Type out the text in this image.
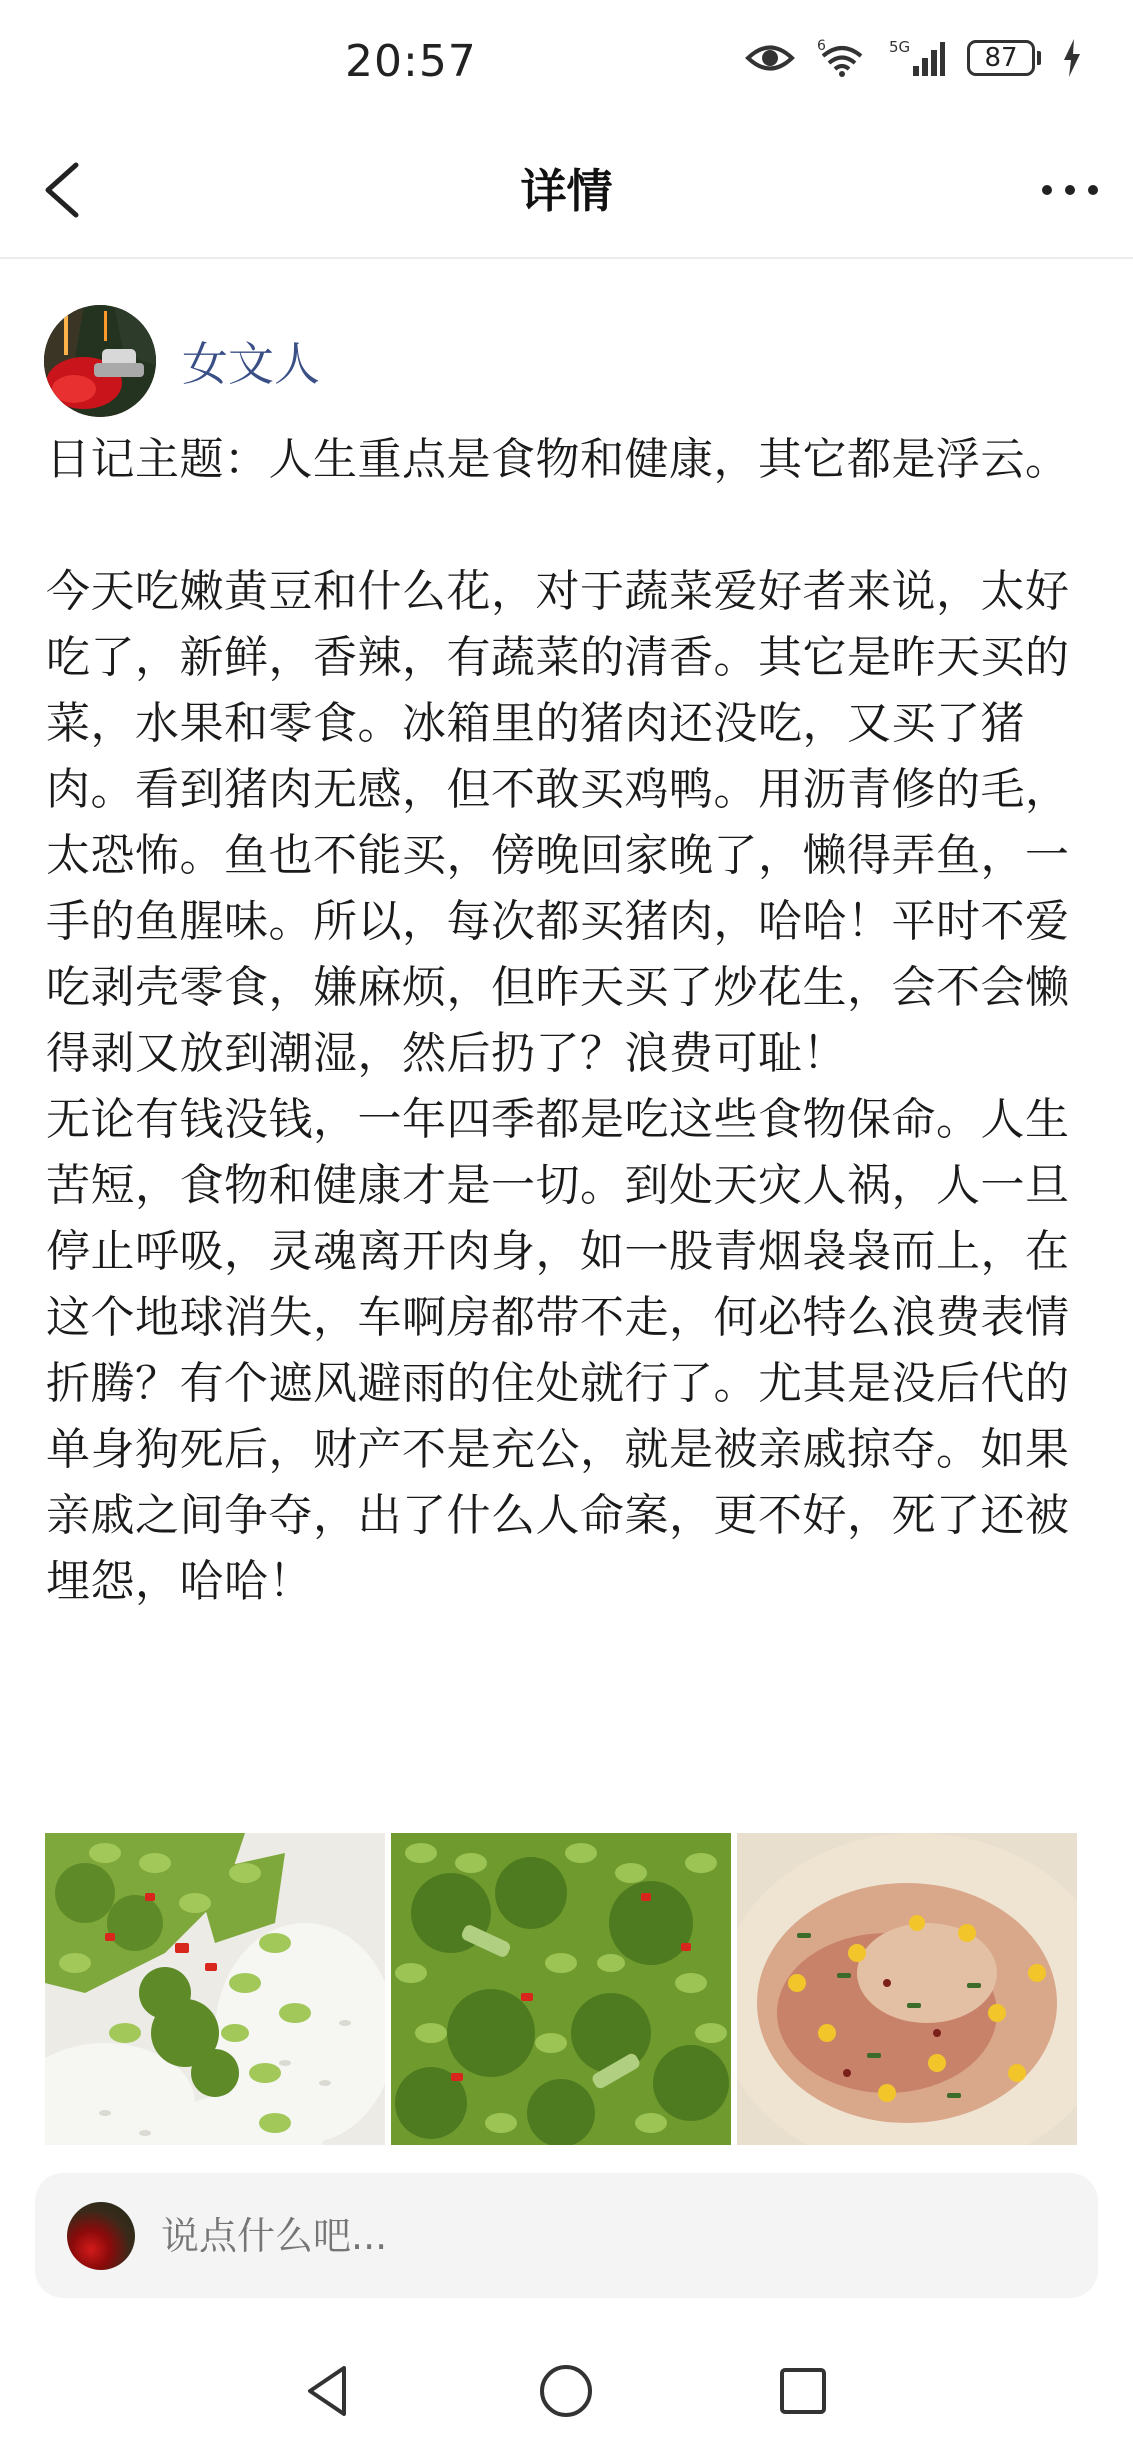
20:57	6	5G	87
详情
女文人
日记主题：人生重点是食物和健康，其它都是浮云。

今天吃嫩黄豆和什么花，对于蔬菜爱好者来说，太好吃了，新鲜，香辣，有蔬菜的清香。其它是昨天买的菜，水果和零食。冰箱里的猪肉还没吃，又买了猪肉。看到猪肉无感，但不敢买鸡鸭。用沥青修的毛，太恐怖。鱼也不能买，傍晚回家晚了，懒得弄鱼，一手的鱼腥味。所以，每次都买猪肉，哈哈！平时不爱吃剥壳零食，嫌麻烦，但昨天买了炒花生，会不会懒得剥又放到潮湿，然后扔了？浪费可耻！
无论有钱没钱，一年四季都是吃这些食物保命。人生苦短，食物和健康才是一切。到处天灾人祸，人一旦停止呼吸，灵魂离开肉身，如一股青烟袅袅而上，在这个地球消失，车啊房都带不走，何必特么浪费表情折腾？有个遮风避雨的住处就行了。尤其是没后代的单身狗死后，财产不是充公，就是被亲戚掠夺。如果亲戚之间争夺，出了什么人命案，更不好，死了还被埋怨，哈哈！
说点什么吧...
